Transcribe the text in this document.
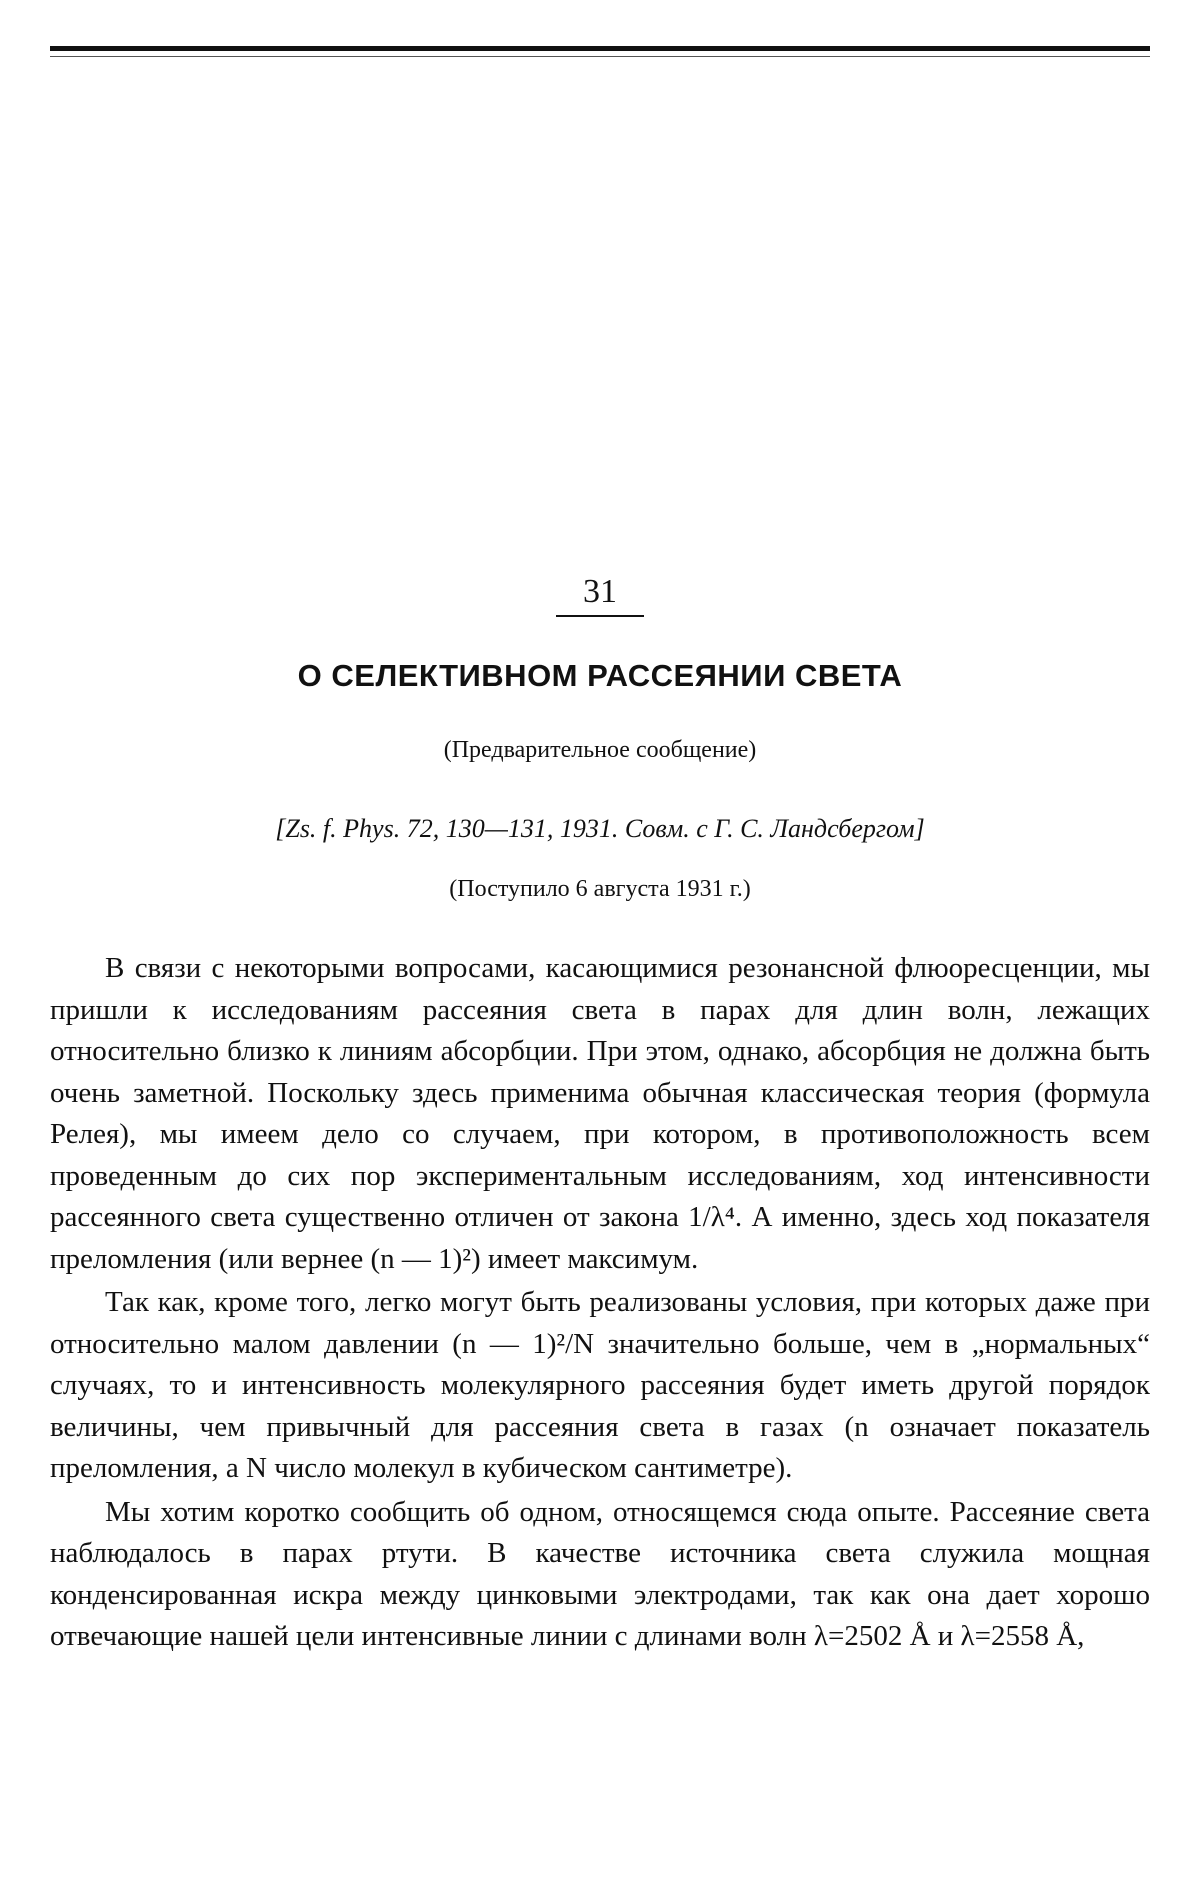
31
О СЕЛЕКТИВНОМ РАССЕЯНИИ СВЕТА
(Предварительное сообщение)
[Zs. f. Phys. 72, 130—131, 1931. Совм. с Г. С. Ландсбергом]
(Поступило 6 августа 1931 г.)

В связи с некоторыми вопросами, касающимися резонансной флюоресценции, мы пришли к исследованиям рассеяния света в парах для длин волн, лежащих относительно близко к линиям абсорбции. При этом, однако, абсорбция не должна быть очень заметной. Поскольку здесь применима обычная классическая теория (формула Релея), мы имеем дело со случаем, при котором, в противоположность всем проведенным до сих пор экспериментальным исследованиям, ход интенсивности рассеянного света существенно отличен от закона 1/λ⁴. А именно, здесь ход показателя преломления (или вернее (n — 1)²) имеет максимум.

Так как, кроме того, легко могут быть реализованы условия, при которых даже при относительно малом давлении (n — 1)²/N значительно больше, чем в „нормальных“ случаях, то и интенсивность молекулярного рассеяния будет иметь другой порядок величины, чем привычный для рассеяния света в газах (n означает показатель преломления, а N число молекул в кубическом сантиметре).

Мы хотим коротко сообщить об одном, относящемся сюда опыте. Рассеяние света наблюдалось в парах ртути. В качестве источника света служила мощная конденсированная искра между цинковыми электродами, так как она дает хорошо отвечающие нашей цели интенсивные линии с длинами волн λ=2502 Å и λ=2558 Å,
